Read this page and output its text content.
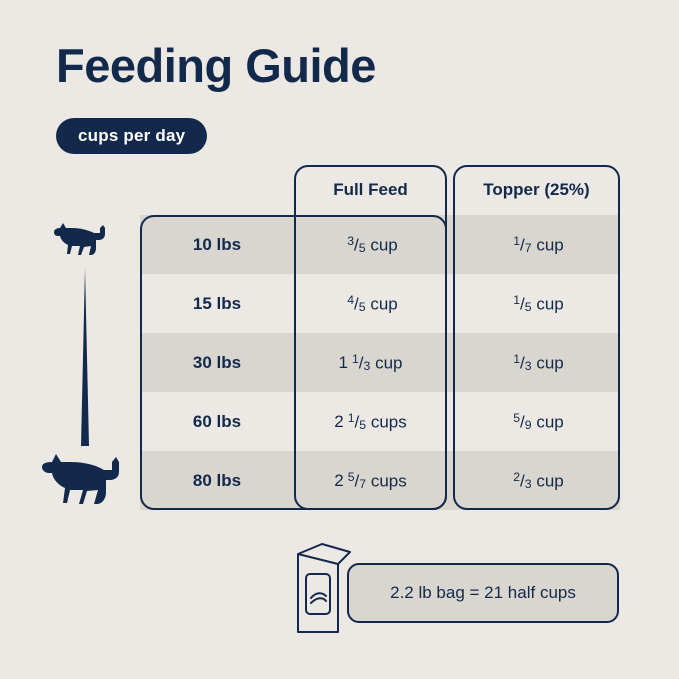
Feeding Guide
cups per day
Full Feed	Topper (25%)
10 lbs	$^3/_5$ cup	$^1/_7$ cup
15 lbs	$^4/_5$ cup	$^1/_5$ cup
30 lbs	1 $^1/_3$ cup	$^1/_3$ cup
60 lbs	2 $^1/_5$ cups	$^5/_9$ cup
80 lbs	2 $^5/_7$ cups	$^2/_3$ cup
2.2 lb bag = 21 half cups
